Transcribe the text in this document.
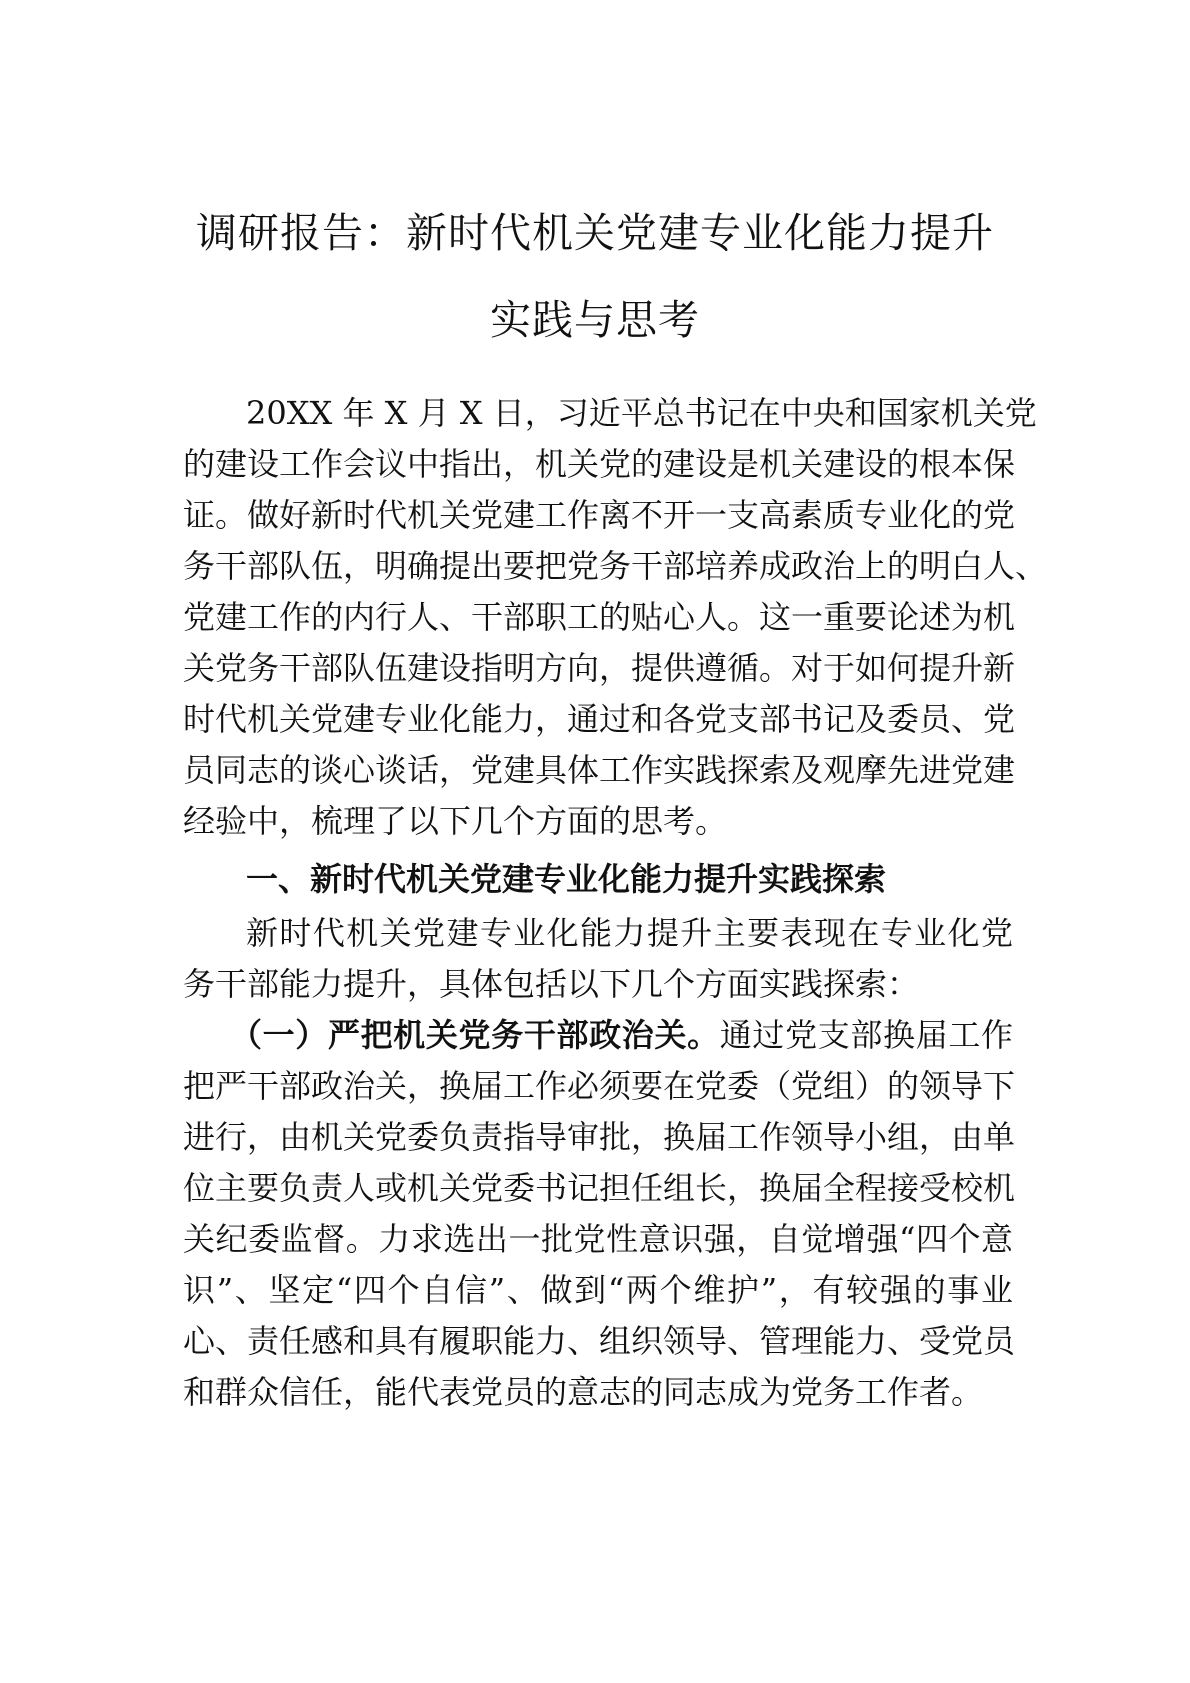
调研报告：新时代机关党建专业化能力提升
实践与思考
20XX 年 X 月 X 日，习近平总书记在中央和国家机关党
的建设工作会议中指出，机关党的建设是机关建设的根本保
证。做好新时代机关党建工作离不开一支高素质专业化的党
务干部队伍，明确提出要把党务干部培养成政治上的明白人、
党建工作的内行人、干部职工的贴心人。这一重要论述为机
关党务干部队伍建设指明方向，提供遵循。对于如何提升新
时代机关党建专业化能力，通过和各党支部书记及委员、党
员同志的谈心谈话，党建具体工作实践探索及观摩先进党建
经验中，梳理了以下几个方面的思考。
一、新时代机关党建专业化能力提升实践探索
新时代机关党建专业化能力提升主要表现在专业化党
务干部能力提升，具体包括以下几个方面实践探索：
（一）严把机关党务干部政治关。通过党支部换届工作
把严干部政治关，换届工作必须要在党委（党组）的领导下
进行，由机关党委负责指导审批，换届工作领导小组，由单
位主要负责人或机关党委书记担任组长，换届全程接受校机
关纪委监督。力求选出一批党性意识强，自觉增强“四个意
识”、坚定“四个自信”、做到“两个维护”，有较强的事业
心、责任感和具有履职能力、组织领导、管理能力、受党员
和群众信任，能代表党员的意志的同志成为党务工作者。
